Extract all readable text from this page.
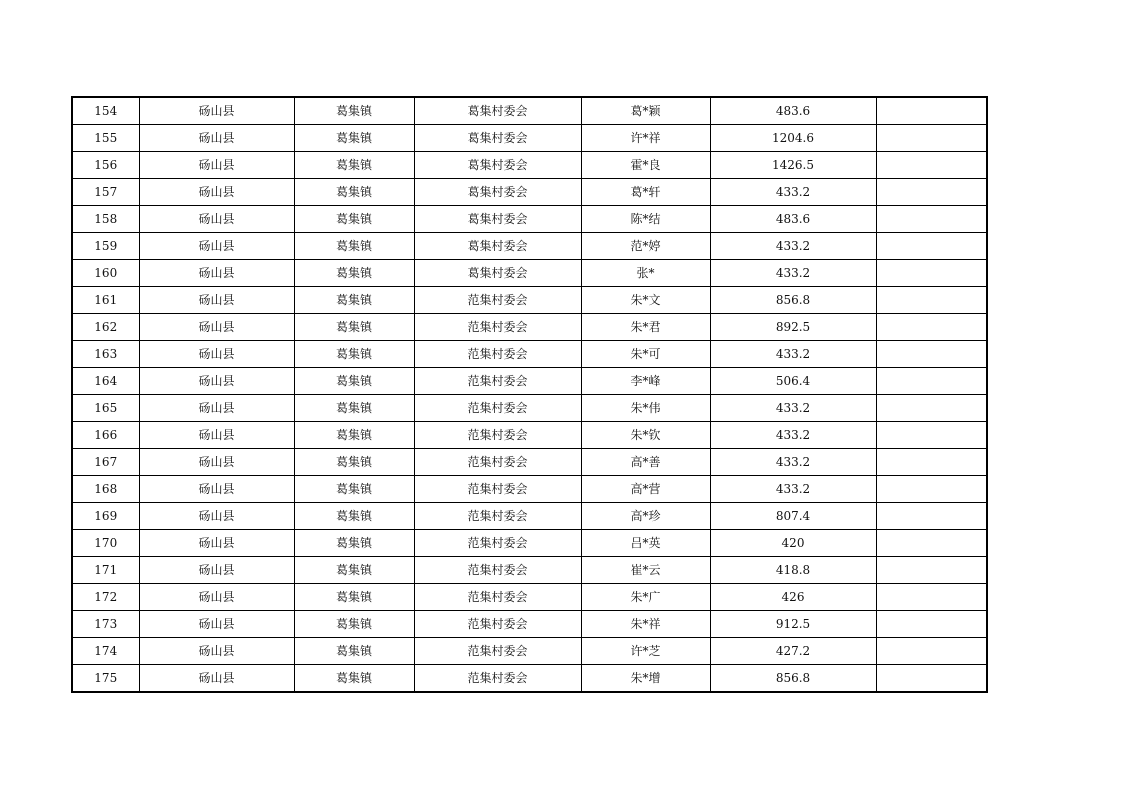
154	砀山县	葛集镇	葛集村委会	葛*颖	483.6	
155	砀山县	葛集镇	葛集村委会	许*祥	1204.6	
156	砀山县	葛集镇	葛集村委会	霍*良	1426.5	
157	砀山县	葛集镇	葛集村委会	葛*轩	433.2	
158	砀山县	葛集镇	葛集村委会	陈*结	483.6	
159	砀山县	葛集镇	葛集村委会	范*婷	433.2	
160	砀山县	葛集镇	葛集村委会	张*	433.2	
161	砀山县	葛集镇	范集村委会	朱*文	856.8	
162	砀山县	葛集镇	范集村委会	朱*君	892.5	
163	砀山县	葛集镇	范集村委会	朱*可	433.2	
164	砀山县	葛集镇	范集村委会	李*峰	506.4	
165	砀山县	葛集镇	范集村委会	朱*伟	433.2	
166	砀山县	葛集镇	范集村委会	朱*钦	433.2	
167	砀山县	葛集镇	范集村委会	高*善	433.2	
168	砀山县	葛集镇	范集村委会	高*营	433.2	
169	砀山县	葛集镇	范集村委会	高*珍	807.4	
170	砀山县	葛集镇	范集村委会	吕*英	420	
171	砀山县	葛集镇	范集村委会	崔*云	418.8	
172	砀山县	葛集镇	范集村委会	朱*广	426	
173	砀山县	葛集镇	范集村委会	朱*祥	912.5	
174	砀山县	葛集镇	范集村委会	许*芝	427.2	
175	砀山县	葛集镇	范集村委会	朱*增	856.8	
